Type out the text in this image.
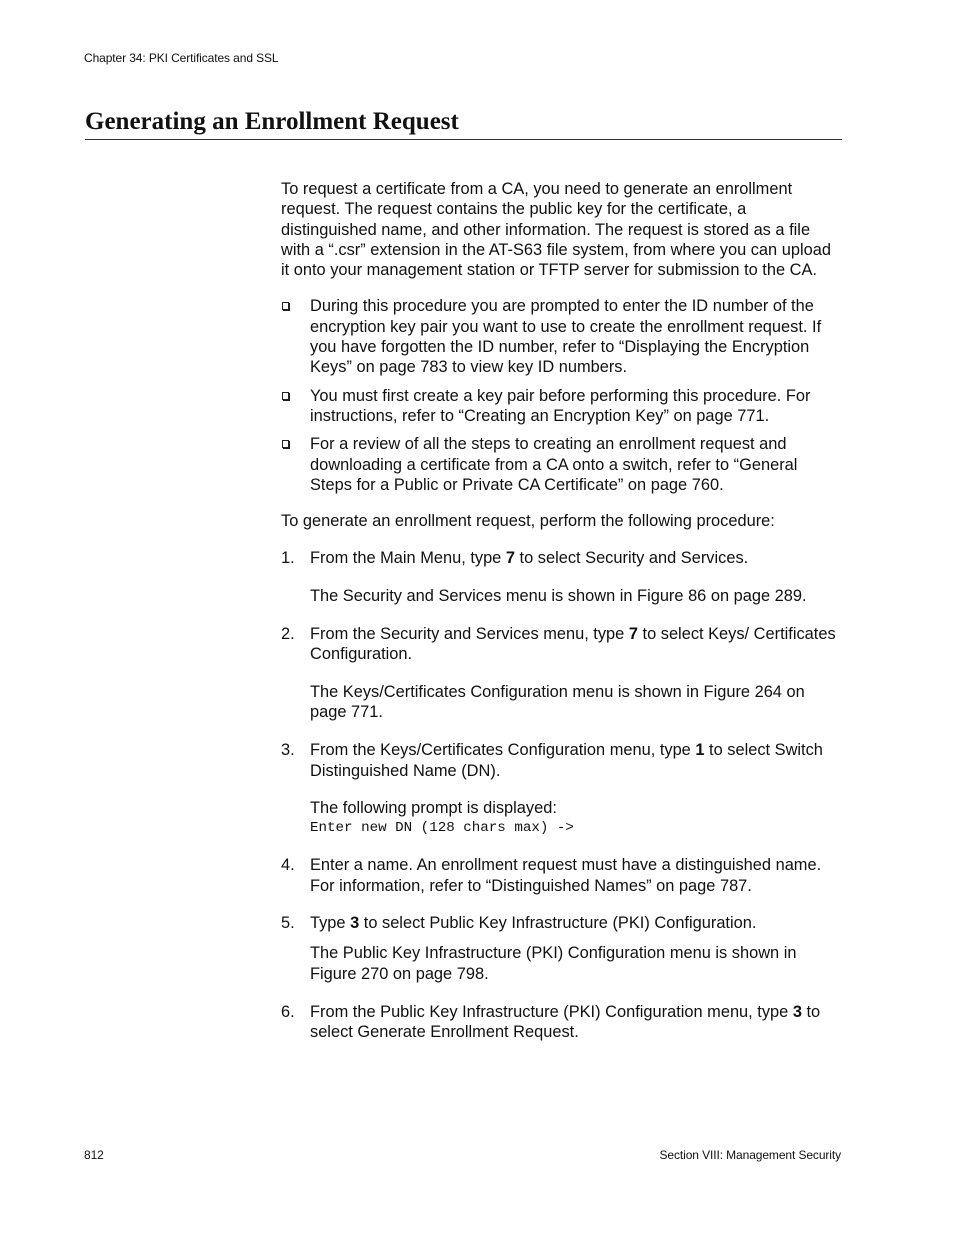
Chapter 34: PKI Certificates and SSL
Generating an Enrollment Request

To request a certificate from a CA, you need to generate an enrollment request. The request contains the public key for the certificate, a distinguished name, and other information. The request is stored as a file with a “.csr” extension in the AT-S63 file system, from where you can upload it onto your management station or TFTP server for submission to the CA.

During this procedure you are prompted to enter the ID number of the encryption key pair you want to use to create the enrollment request. If you have forgotten the ID number, refer to “Displaying the Encryption Keys” on page 783 to view key ID numbers.
You must first create a key pair before performing this procedure. For instructions, refer to “Creating an Encryption Key” on page 771.
For a review of all the steps to creating an enrollment request and downloading a certificate from a CA onto a switch, refer to “General Steps for a Public or Private CA Certificate” on page 760.

To generate an enrollment request, perform the following procedure:

1. From the Main Menu, type 7 to select Security and Services.

The Security and Services menu is shown in Figure 86 on page 289.

2. From the Security and Services menu, type 7 to select Keys/ Certificates Configuration.

The Keys/Certificates Configuration menu is shown in Figure 264 on page 771.

3. From the Keys/Certificates Configuration menu, type 1 to select Switch Distinguished Name (DN).

The following prompt is displayed:

Enter new DN (128 chars max) ->

4. Enter a name. An enrollment request must have a distinguished name. For information, refer to “Distinguished Names” on page 787.

5. Type 3 to select Public Key Infrastructure (PKI) Configuration.

The Public Key Infrastructure (PKI) Configuration menu is shown in Figure 270 on page 798.

6. From the Public Key Infrastructure (PKI) Configuration menu, type 3 to select Generate Enrollment Request.

812	Section VIII: Management Security
